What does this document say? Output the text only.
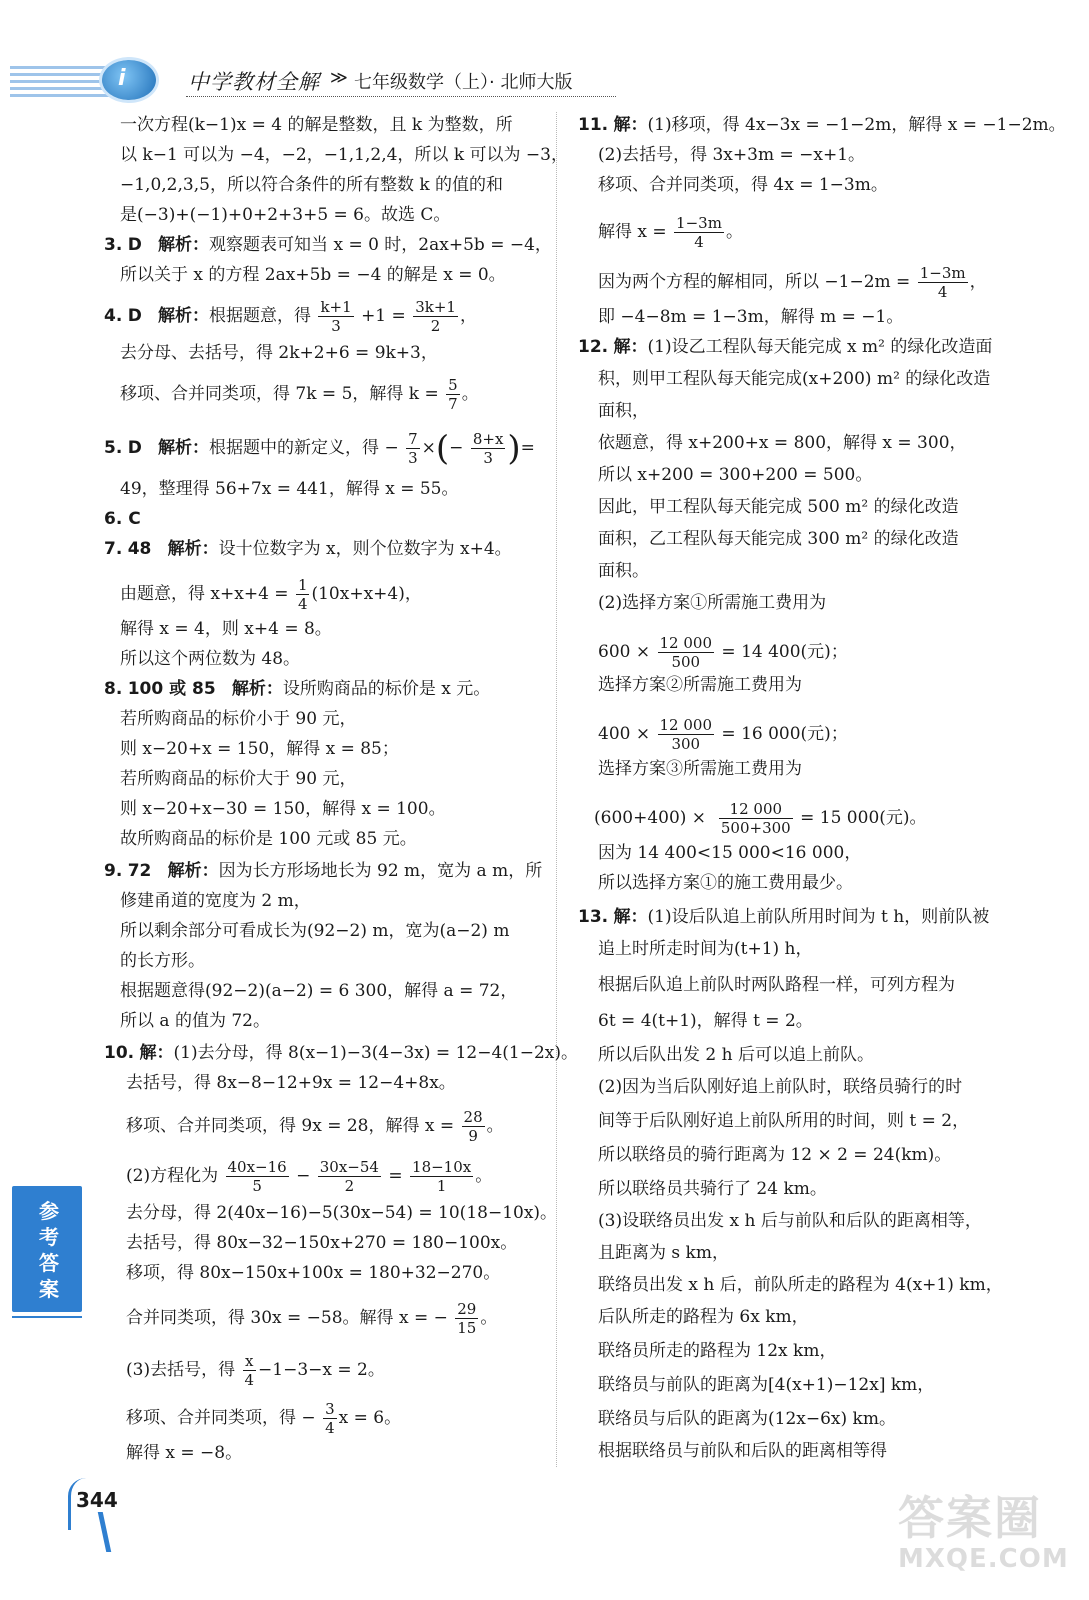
i	中学教材全解 ≫ 七年级数学（上）· 北师大版
一次方程(k−1)x = 4 的解是整数，且 k 为整数，所
以 k−1 可以为 −4，−2，−1,1,2,4，所以 k 可以为 −3，
−1,0,2,3,5，所以符合条件的所有整数 k 的值的和
是(−3)+(−1)+0+2+3+5 = 6。故选 C。
3. D 解析：观察题表可知当 x = 0 时，2ax+5b = −4，
所以关于 x 的方程 2ax+5b = −4 的解是 x = 0。
4. D 解析：根据题意，得 $\frac{k+1}{3} +1 = \frac{3k+1}{2}$ ，
去分母、去括号，得 2k+2+6 = 9k+3，
移项、合并同类项，得 7k = 5，解得 $k = \frac{5}{7}$ 。
5. D 解析：根据题中的新定义，得 − $\frac{7}{3}$ ×(− $\frac{8+x}{3}$ )=
49，整理得 56+7x = 441，解得 x = 55。
6. C
7. 48 解析：设十位数字为 x，则个位数字为 x+4。
由题意，得 $x+x+4 = \frac{1}{4} (10x+x+4)$，
解得 x = 4，则 x+4 = 8。
所以这个两位数为 48。
8. 100 或 85 解析：设所购商品的标价是 x 元。
若所购商品的标价小于 90 元，
则 x−20+x = 150，解得 x = 85；
若所购商品的标价大于 90 元，
则 x−20+x−30 = 150，解得 x = 100。
故所购商品的标价是 100 元或 85 元。
9. 72 解析：因为长方形场地长为 92 m，宽为 a m，所
修建甬道的宽度为 2 m，
所以剩余部分可看成长为(92−2) m，宽为(a−2) m
的长方形。
根据题意得(92−2)(a−2) = 6 300，解得 a = 72，
所以 a 的值为 72。
10. 解：(1)去分母，得 8(x−1)−3(4−3x) = 12−4(1−2x)。
去括号，得 8x−8−12+9x = 12−4+8x。
移项、合并同类项，得 9x = 28，解得 $x = \frac{28}{9}$ 。
(2)方程化为 $\frac{40x-16}{5} - \frac{30x-54}{2} = \frac{18-10x}{1}$ 。
去分母，得 2(40x−16)−5(30x−54) = 10(18−10x)。
去括号，得 80x−32−150x+270 = 180−100x。
移项，得 80x−150x+100x = 180+32−270。
合并同类项，得 30x = −58。解得 x = − $\frac{29}{15}$ 。
(3)去括号，得 $\frac{x}{4} -1-3-x = 2$。
移项、合并同类项，得 − $\frac{3}{4}$ x = 6。
解得 x = −8。
11. 解：(1)移项，得 4x−3x = −1−2m，解得 x = −1−2m。
(2)去括号，得 3x+3m = −x+1。
移项、合并同类项，得 4x = 1−3m。
解得 $x = \frac{1-3m}{4}$ 。
因为两个方程的解相同，所以 $-1-2m = \frac{1-3m}{4}$ ，
即 −4−8m = 1−3m，解得 m = −1。
12. 解：(1)设乙工程队每天能完成 x m² 的绿化改造面
积，则甲工程队每天能完成(x+200) m² 的绿化改造
面积，
依题意，得 x+200+x = 800，解得 x = 300，
所以 x+200 = 300+200 = 500。
因此，甲工程队每天能完成 500 m² 的绿化改造
面积，乙工程队每天能完成 300 m² 的绿化改造
面积。
(2)选择方案①所需施工费用为
$600 \times \frac{12 000}{500} = 14$ 400(元)；
选择方案②所需施工费用为
$400 \times \frac{12 000}{300} = 16$ 000(元)；
选择方案③所需施工费用为
$(600+400) \times \frac{12 000}{500+300} = 15$ 000(元)。
因为 14 400<15 000<16 000，
所以选择方案①的施工费用最少。
13. 解：(1)设后队追上前队所用时间为 t h，则前队被
追上时所走时间为(t+1) h，
根据后队追上前队时两队路程一样，可列方程为
6t = 4(t+1)，解得 t = 2。
所以后队出发 2 h 后可以追上前队。
(2)因为当后队刚好追上前队时，联络员骑行的时
间等于后队刚好追上前队所用的时间，则 t = 2，
所以联络员的骑行距离为 12 × 2 = 24(km)。
所以联络员共骑行了 24 km。
(3)设联络员出发 x h 后与前队和后队的距离相等，
且距离为 s km，
联络员出发 x h 后，前队所走的路程为 4(x+1) km，
后队所走的路程为 6x km，
联络员所走的路程为 12x km，
联络员与前队的距离为[4(x+1)−12x] km，
联络员与后队的距离为(12x−6x) km。
根据联络员与前队和后队的距离相等得
参考答案
344	答案圈
MXQE.COM
